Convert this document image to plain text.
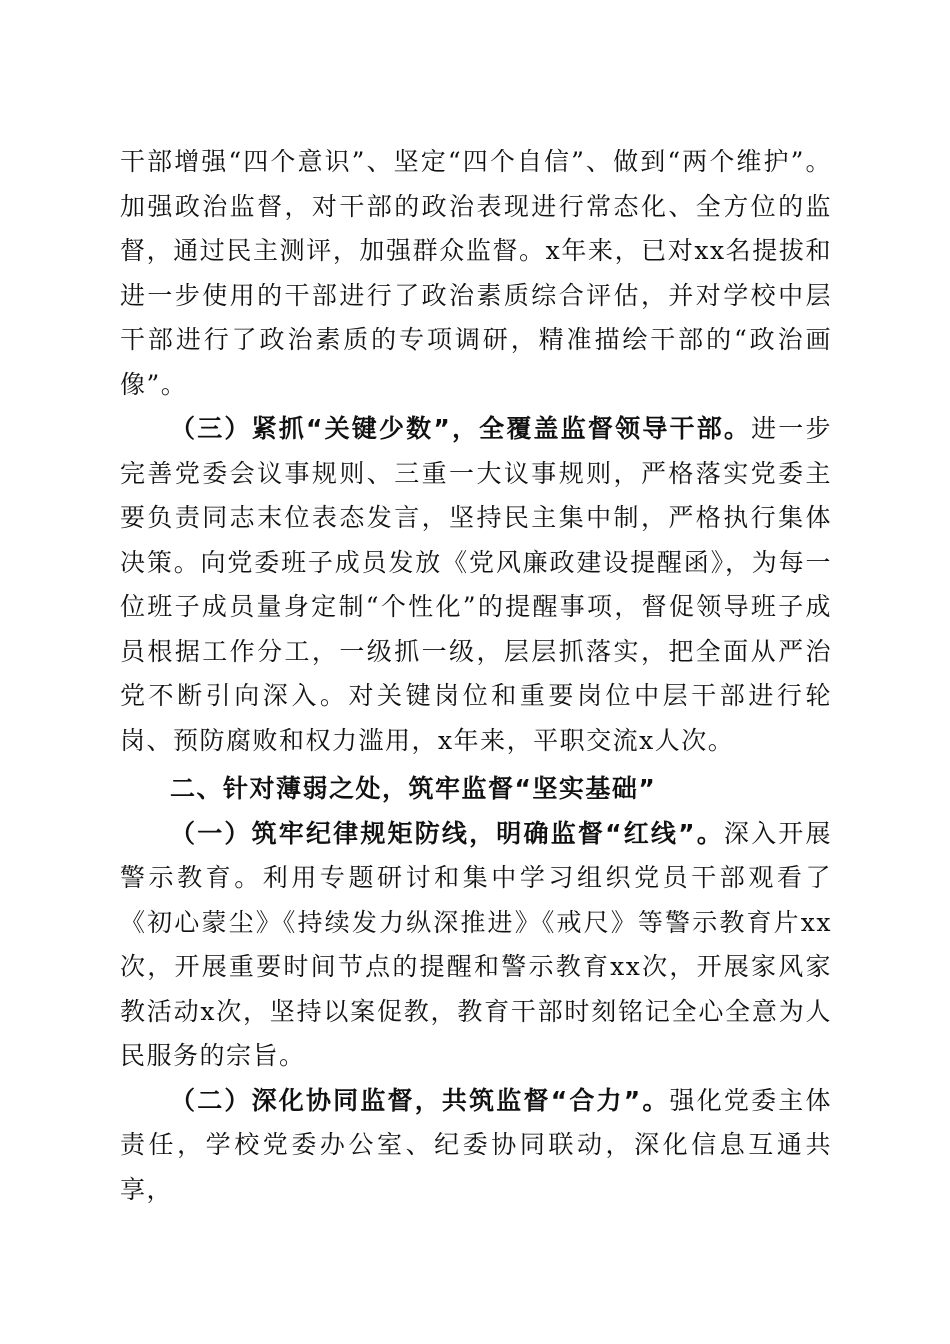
干部增强“四个意识”、坚定“四个自信”、做到“两个维护”。加强政治监督，对干部的政治表现进行常态化、全方位的监督，通过民主测评，加强群众监督。x年来，已对xx名提拔和进一步使用的干部进行了政治素质综合评估，并对学校中层干部进行了政治素质的专项调研，精准描绘干部的“政治画像”。

（三）紧抓“关键少数”，全覆盖监督领导干部。进一步完善党委会议事规则、三重一大议事规则，严格落实党委主要负责同志末位表态发言，坚持民主集中制，严格执行集体决策。向党委班子成员发放《党风廉政建设提醒函》，为每一位班子成员量身定制“个性化”的提醒事项，督促领导班子成员根据工作分工，一级抓一级，层层抓落实，把全面从严治党不断引向深入。对关键岗位和重要岗位中层干部进行轮岗、预防腐败和权力滥用，x年来，平职交流x人次。

二、针对薄弱之处，筑牢监督“坚实基础”

（一）筑牢纪律规矩防线，明确监督“红线”。深入开展警示教育。利用专题研讨和集中学习组织党员干部观看了《初心蒙尘》《持续发力纵深推进》《戒尺》等警示教育片xx次，开展重要时间节点的提醒和警示教育xx次，开展家风家教活动x次，坚持以案促教，教育干部时刻铭记全心全意为人民服务的宗旨。

（二）深化协同监督，共筑监督“合力”。强化党委主体责任，学校党委办公室、纪委协同联动，深化信息互通共享，
